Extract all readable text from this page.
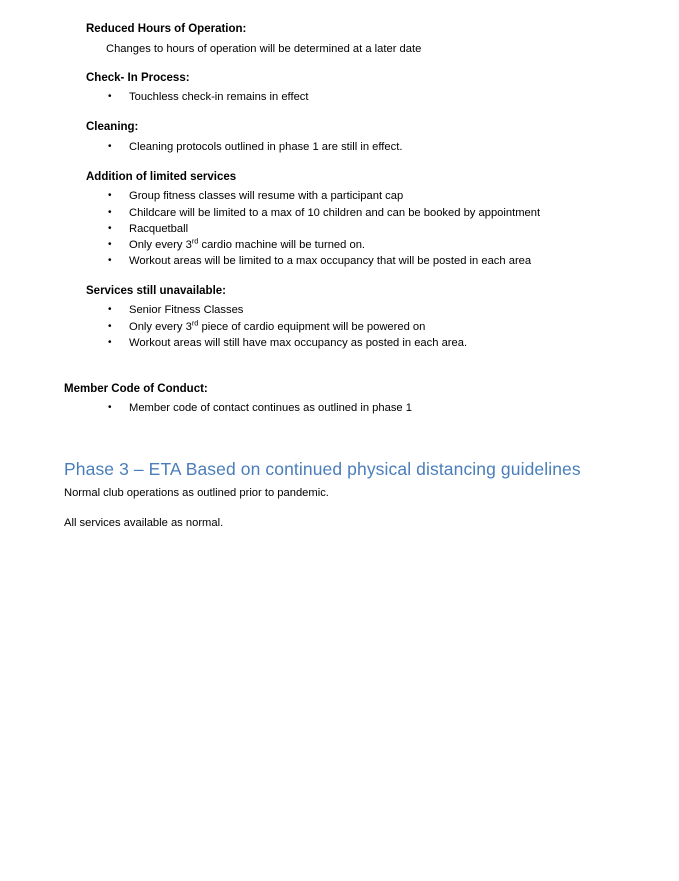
Reduced Hours of Operation:
Changes to hours of operation will be determined at a later date
Check- In Process:
• Touchless check-in remains in effect
Cleaning:
• Cleaning protocols outlined in phase 1 are still in effect.
Addition of limited services
• Group fitness classes will resume with a participant cap
• Childcare will be limited to a max of 10 children and can be booked by appointment
• Racquetball
• Only every 3rd cardio machine will be turned on.
• Workout areas will be limited to a max occupancy that will be posted in each area
Services still unavailable:
• Senior Fitness Classes
• Only every 3rd piece of cardio equipment will be powered on
• Workout areas will still have max occupancy as posted in each area.
Member Code of Conduct:
• Member code of contact continues as outlined in phase 1
Phase 3 – ETA Based on continued physical distancing guidelines
Normal club operations as outlined prior to pandemic.
All services available as normal.
